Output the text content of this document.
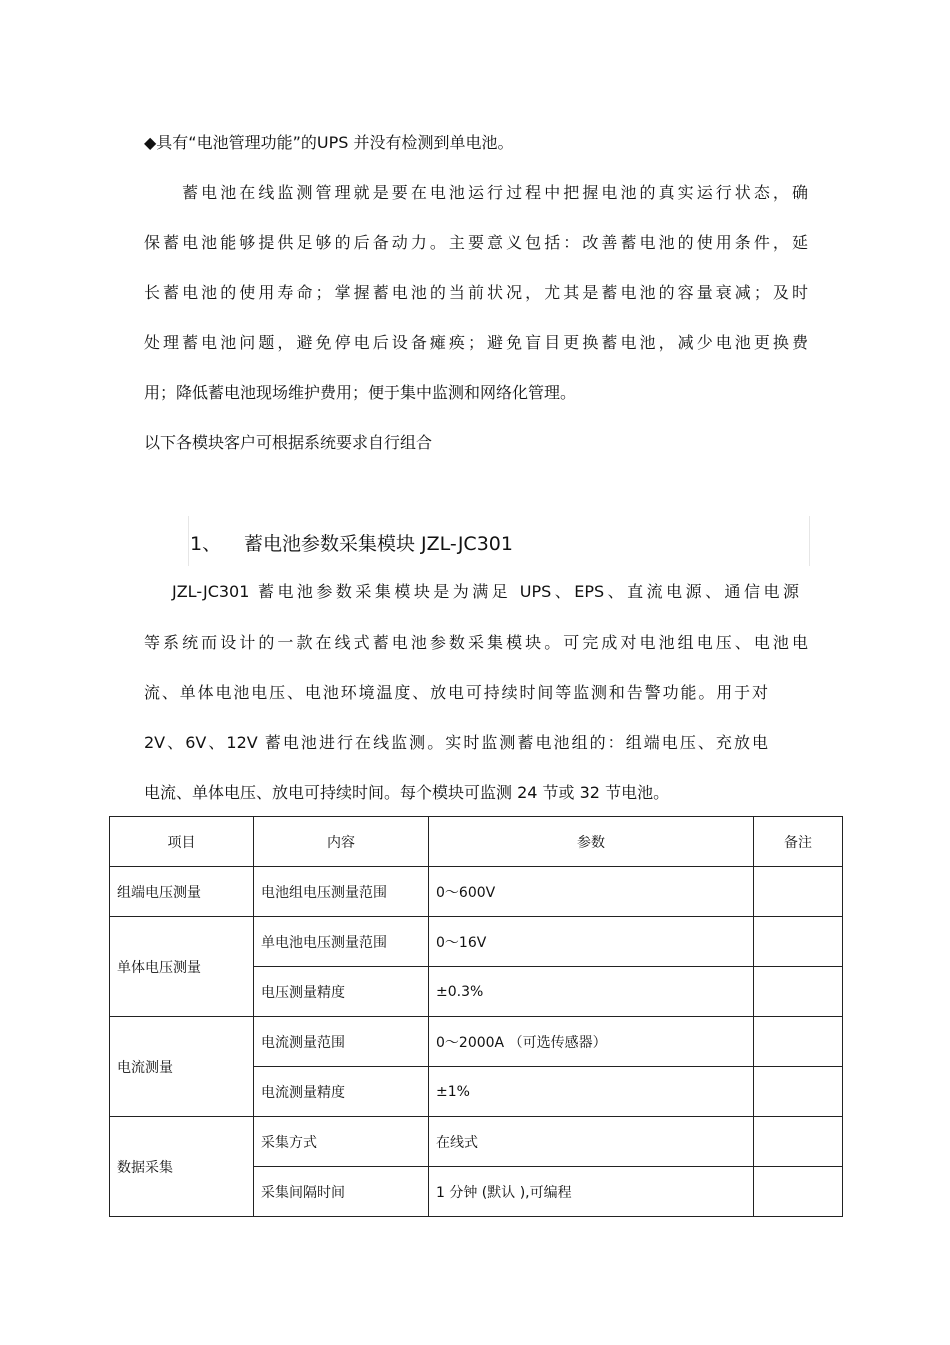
◆具有“电池管理功能”的UPS 并没有检测到单电池。
　　蓄电池在线监测管理就是要在电池运行过程中把握电池的真实运行状态，确
保蓄电池能够提供足够的后备动力。主要意义包括：改善蓄电池的使用条件，延
长蓄电池的使用寿命；掌握蓄电池的当前状况，尤其是蓄电池的容量衰减；及时
处理蓄电池问题，避免停电后设备瘫痪；避免盲目更换蓄电池，减少电池更换费
用；降低蓄电池现场维护费用；便于集中监测和网络化管理。
以下各模块客户可根据系统要求自行组合
1、 蓄电池参数采集模块 JZL-JC301
JZL-JC301 蓄电池参数采集模块是为满足 UPS、EPS、直流电源、通信电源
等系统而设计的一款在线式蓄电池参数采集模块。可完成对电池组电压、电池电
流、单体电池电压、电池环境温度、放电可持续时间等监测和告警功能。用于对
2V、6V、12V 蓄电池进行在线监测。实时监测蓄电池组的：组端电压、充放电
电流、单体电压、放电可持续时间。每个模块可监测 24 节或 32 节电池。
项目	内容	参数	备注
组端电压测量	电池组电压测量范围	0～600V	
单体电压测量	单电池电压测量范围	0～16V	
	电压测量精度	±0.3%	
电流测量	电流测量范围	0～2000A （可选传感器）	
	电流测量精度	±1%	
数据采集	采集方式	在线式	
	采集间隔时间	1 分钟 (默认 ),可编程	
